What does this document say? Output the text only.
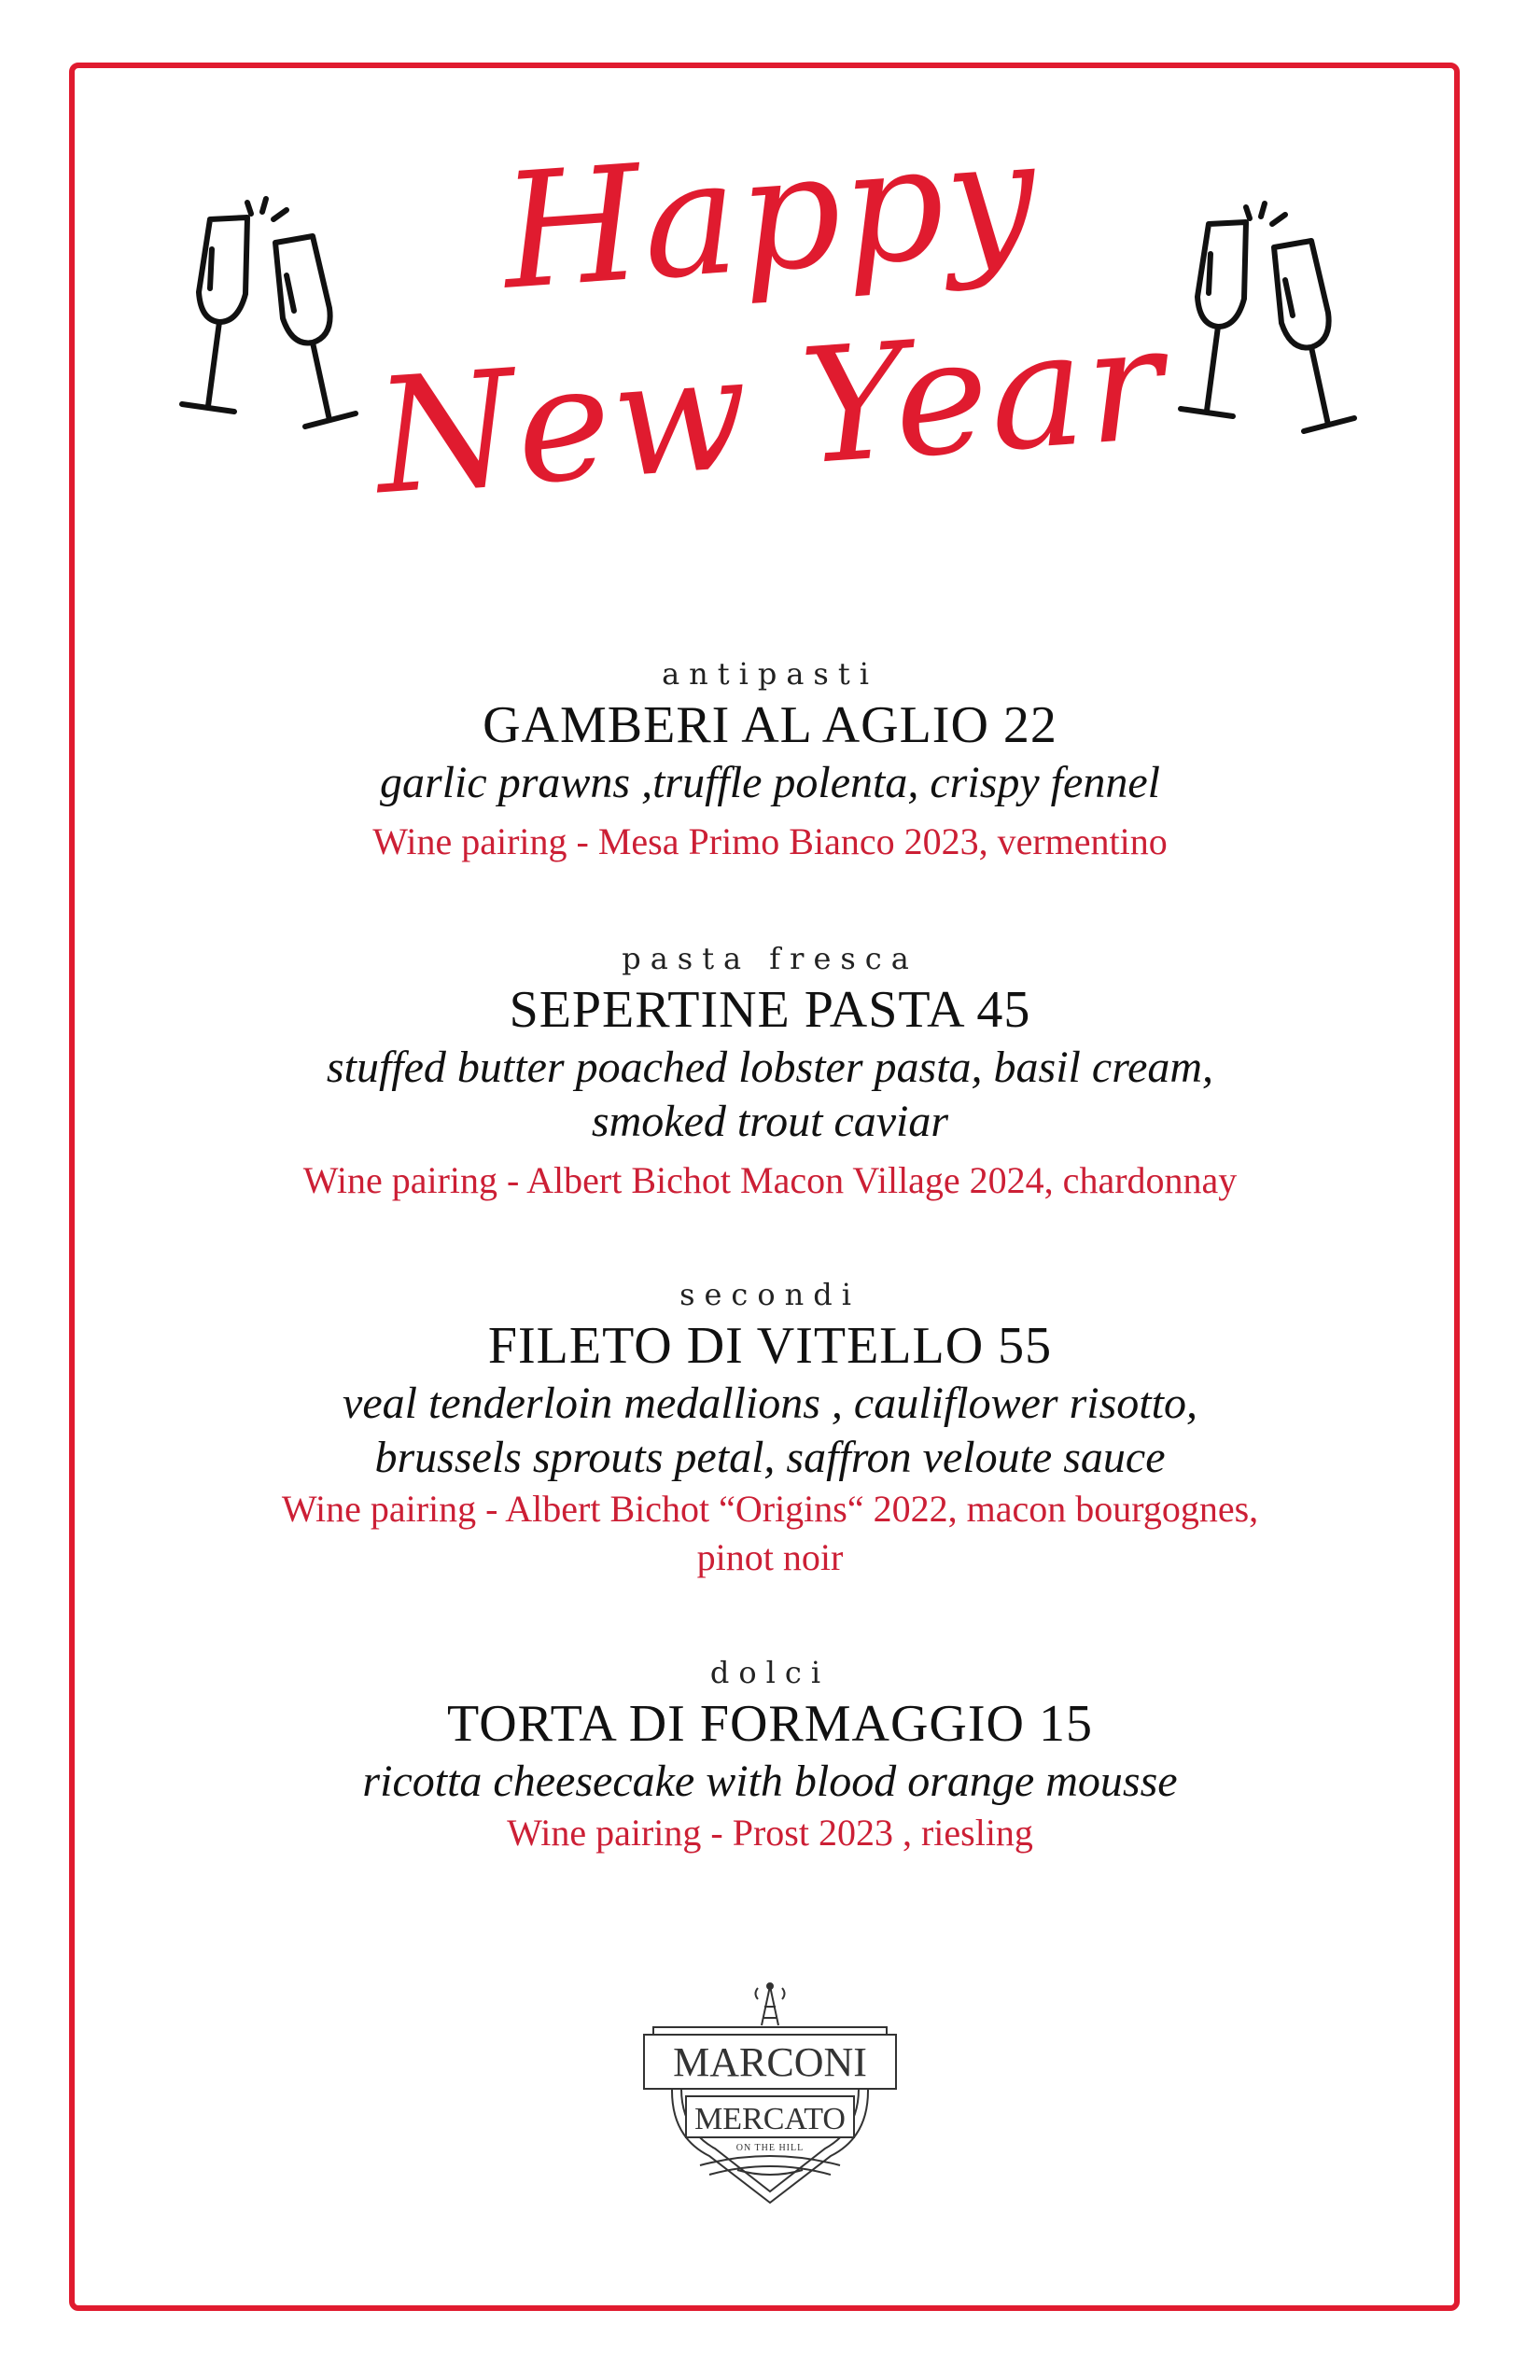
Happy
New Year
antipasti
GAMBERI AL AGLIO 22
garlic prawns ,truffle polenta, crispy fennel
Wine pairing - Mesa Primo Bianco 2023, vermentino
pasta fresca
SEPERTINE PASTA 45
stuffed butter poached lobster pasta, basil cream,
smoked trout caviar
Wine pairing - Albert Bichot Macon Village 2024, chardonnay
secondi
FILETO DI VITELLO 55
veal tenderloin medallions , cauliflower risotto,
brussels sprouts petal, saffron veloute sauce
Wine pairing - Albert Bichot “Origins“ 2022, macon bourgognes,
pinot noir
dolci
TORTA DI FORMAGGIO 15
ricotta cheesecake with blood orange mousse
Wine pairing - Prost 2023 , riesling
MARCONI
MERCATO
ON THE HILL
